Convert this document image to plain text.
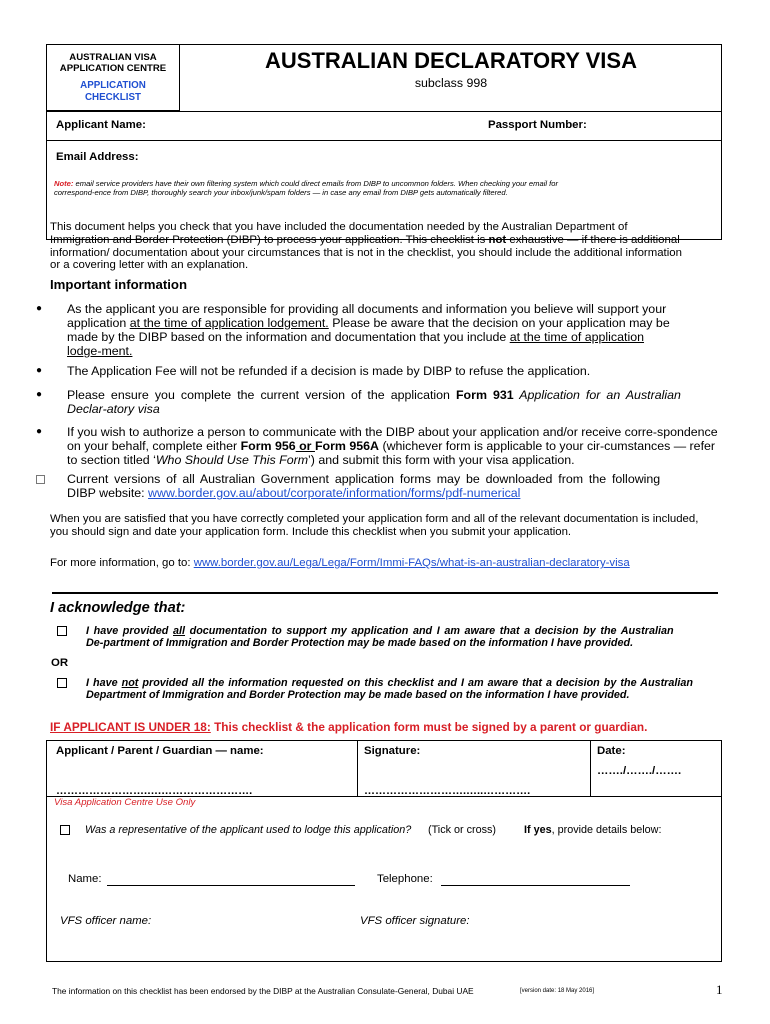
AUSTRALIAN VISA
APPLICATION CENTRE
APPLICATION
CHECKLIST
AUSTRALIAN DECLARATORY VISA
subclass 998
Applicant Name:	Passport Number:
Email Address:
Note: email service providers have their own filtering system which could direct emails from DIBP to uncommon folders. When checking your email for
correspond-ence from DIBP, thoroughly search your inbox/junk/spam folders — in case any email from DIBP gets automatically filtered.
This document helps you check that you have included the documentation needed by the Australian Department of
Immigration and Border Protection (DIBP) to process your application. This checklist is not exhaustive — if there is additional
information/ documentation about your circumstances that is not in the checklist, you should include the additional information
or a covering letter with an explanation.
Important information
● As the applicant you are responsible for providing all documents and information you believe will support your
application at the time of application lodgement. Please be aware that the decision on your application may be
made by the DIBP based on the information and documentation that you include at the time of application
lodge-ment.
● The Application Fee will not be refunded if a decision is made by DIBP to refuse the application.
● Please ensure you complete the current version of the application Form 931 Application for an Australian
Declar-atory visa
● If you wish to authorize a person to communicate with the DIBP about your application and/or receive corre-spondence
on your behalf, complete either Form 956 or Form 956A (whichever form is applicable to your cir-cumstances — refer
to section titled ‘Who Should Use This Form’) and submit this form with your visa application.
Current versions of all Australian Government application forms may be downloaded from the following
DIBP website: www.border.gov.au/about/corporate/information/forms/pdf-numerical
When you are satisfied that you have correctly completed your application form and all of the relevant documentation is included,
you should sign and date your application form. Include this checklist when you submit your application.
For more information, go to: www.border.gov.au/Lega/Lega/Form/Immi-FAQs/what-is-an-australian-declaratory-visa
I acknowledge that:
I have provided all documentation to support my application and I am aware that a decision by the Australian
De-partment of Immigration and Border Protection may be made based on the information I have provided.
OR
I have not provided all the information requested on this checklist and I am aware that a decision by the Australian
Department of Immigration and Border Protection may be made based on the information I have provided.
IF APPLICANT IS UNDER 18: This checklist & the application form must be signed by a parent or guardian.
Applicant / Parent / Guardian — name:	Signature:	Date:
……./……./…….
…………………….….…………………….	……………………….…..………….
Visa Application Centre Use Only
Was a representative of the applicant used to lodge this application? (Tick or cross)	If yes, provide details below:
Name:	Telephone:
VFS officer name:	VFS officer signature:
The information on this checklist has been endorsed by the DIBP at the Australian Consulate-General, Dubai UAE	[version date: 18 May 2016]	1
